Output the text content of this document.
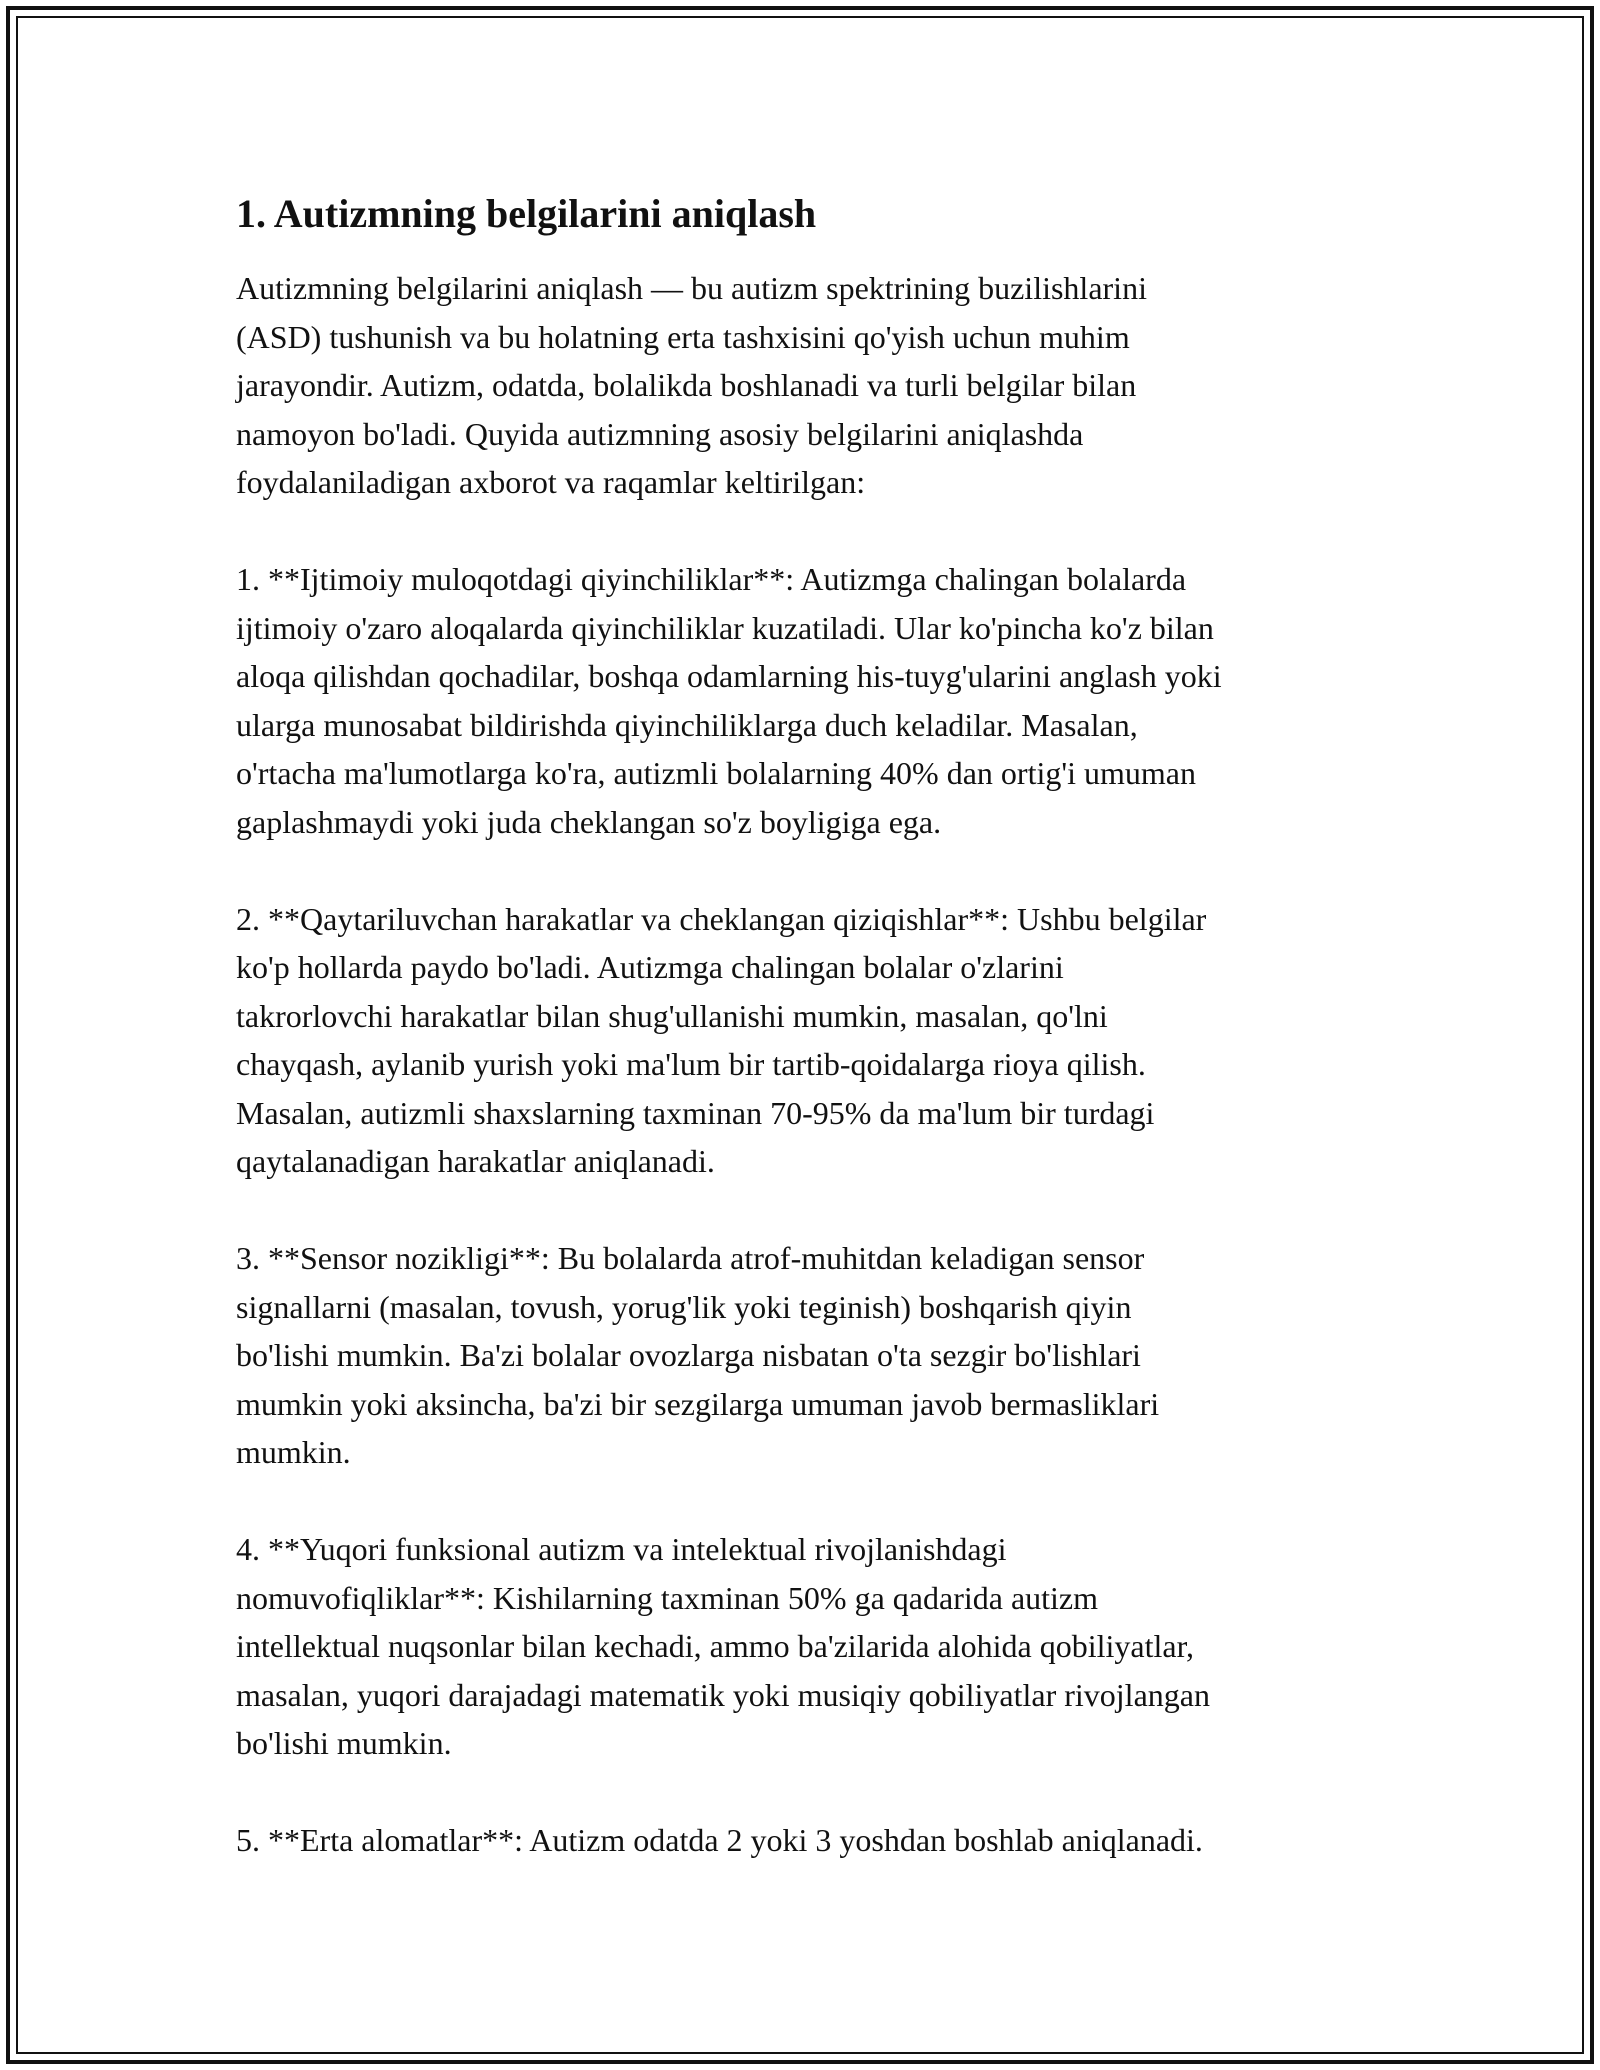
1. Autizmning belgilarini aniqlash

Autizmning belgilarini aniqlash — bu autizm spektrining buzilishlarini
(ASD) tushunish va bu holatning erta tashxisini qo'yish uchun muhim
jarayondir. Autizm, odatda, bolalikda boshlanadi va turli belgilar bilan
namoyon bo'ladi. Quyida autizmning asosiy belgilarini aniqlashda
foydalaniladigan axborot va raqamlar keltirilgan:

1. **Ijtimoiy muloqotdagi qiyinchiliklar**: Autizmga chalingan bolalarda
ijtimoiy o'zaro aloqalarda qiyinchiliklar kuzatiladi. Ular ko'pincha ko'z bilan
aloqa qilishdan qochadilar, boshqa odamlarning his-tuyg'ularini anglash yoki
ularga munosabat bildirishda qiyinchiliklarga duch keladilar. Masalan,
o'rtacha ma'lumotlarga ko'ra, autizmli bolalarning 40% dan ortig'i umuman
gaplashmaydi yoki juda cheklangan so'z boyligiga ega.

2. **Qaytariluvchan harakatlar va cheklangan qiziqishlar**: Ushbu belgilar
ko'p hollarda paydo bo'ladi. Autizmga chalingan bolalar o'zlarini
takrorlovchi harakatlar bilan shug'ullanishi mumkin, masalan, qo'lni
chayqash, aylanib yurish yoki ma'lum bir tartib-qoidalarga rioya qilish.
Masalan, autizmli shaxslarning taxminan 70-95% da ma'lum bir turdagi
qaytalanadigan harakatlar aniqlanadi.

3. **Sensor nozikligi**: Bu bolalarda atrof-muhitdan keladigan sensor
signallarni (masalan, tovush, yorug'lik yoki teginish) boshqarish qiyin
bo'lishi mumkin. Ba'zi bolalar ovozlarga nisbatan o'ta sezgir bo'lishlari
mumkin yoki aksincha, ba'zi bir sezgilarga umuman javob bermasliklari
mumkin.

4. **Yuqori funksional autizm va intelektual rivojlanishdagi
nomuvofiqliklar**: Kishilarning taxminan 50% ga qadarida autizm
intellektual nuqsonlar bilan kechadi, ammo ba'zilarida alohida qobiliyatlar,
masalan, yuqori darajadagi matematik yoki musiqiy qobiliyatlar rivojlangan
bo'lishi mumkin.

5. **Erta alomatlar**: Autizm odatda 2 yoki 3 yoshdan boshlab aniqlanadi.
